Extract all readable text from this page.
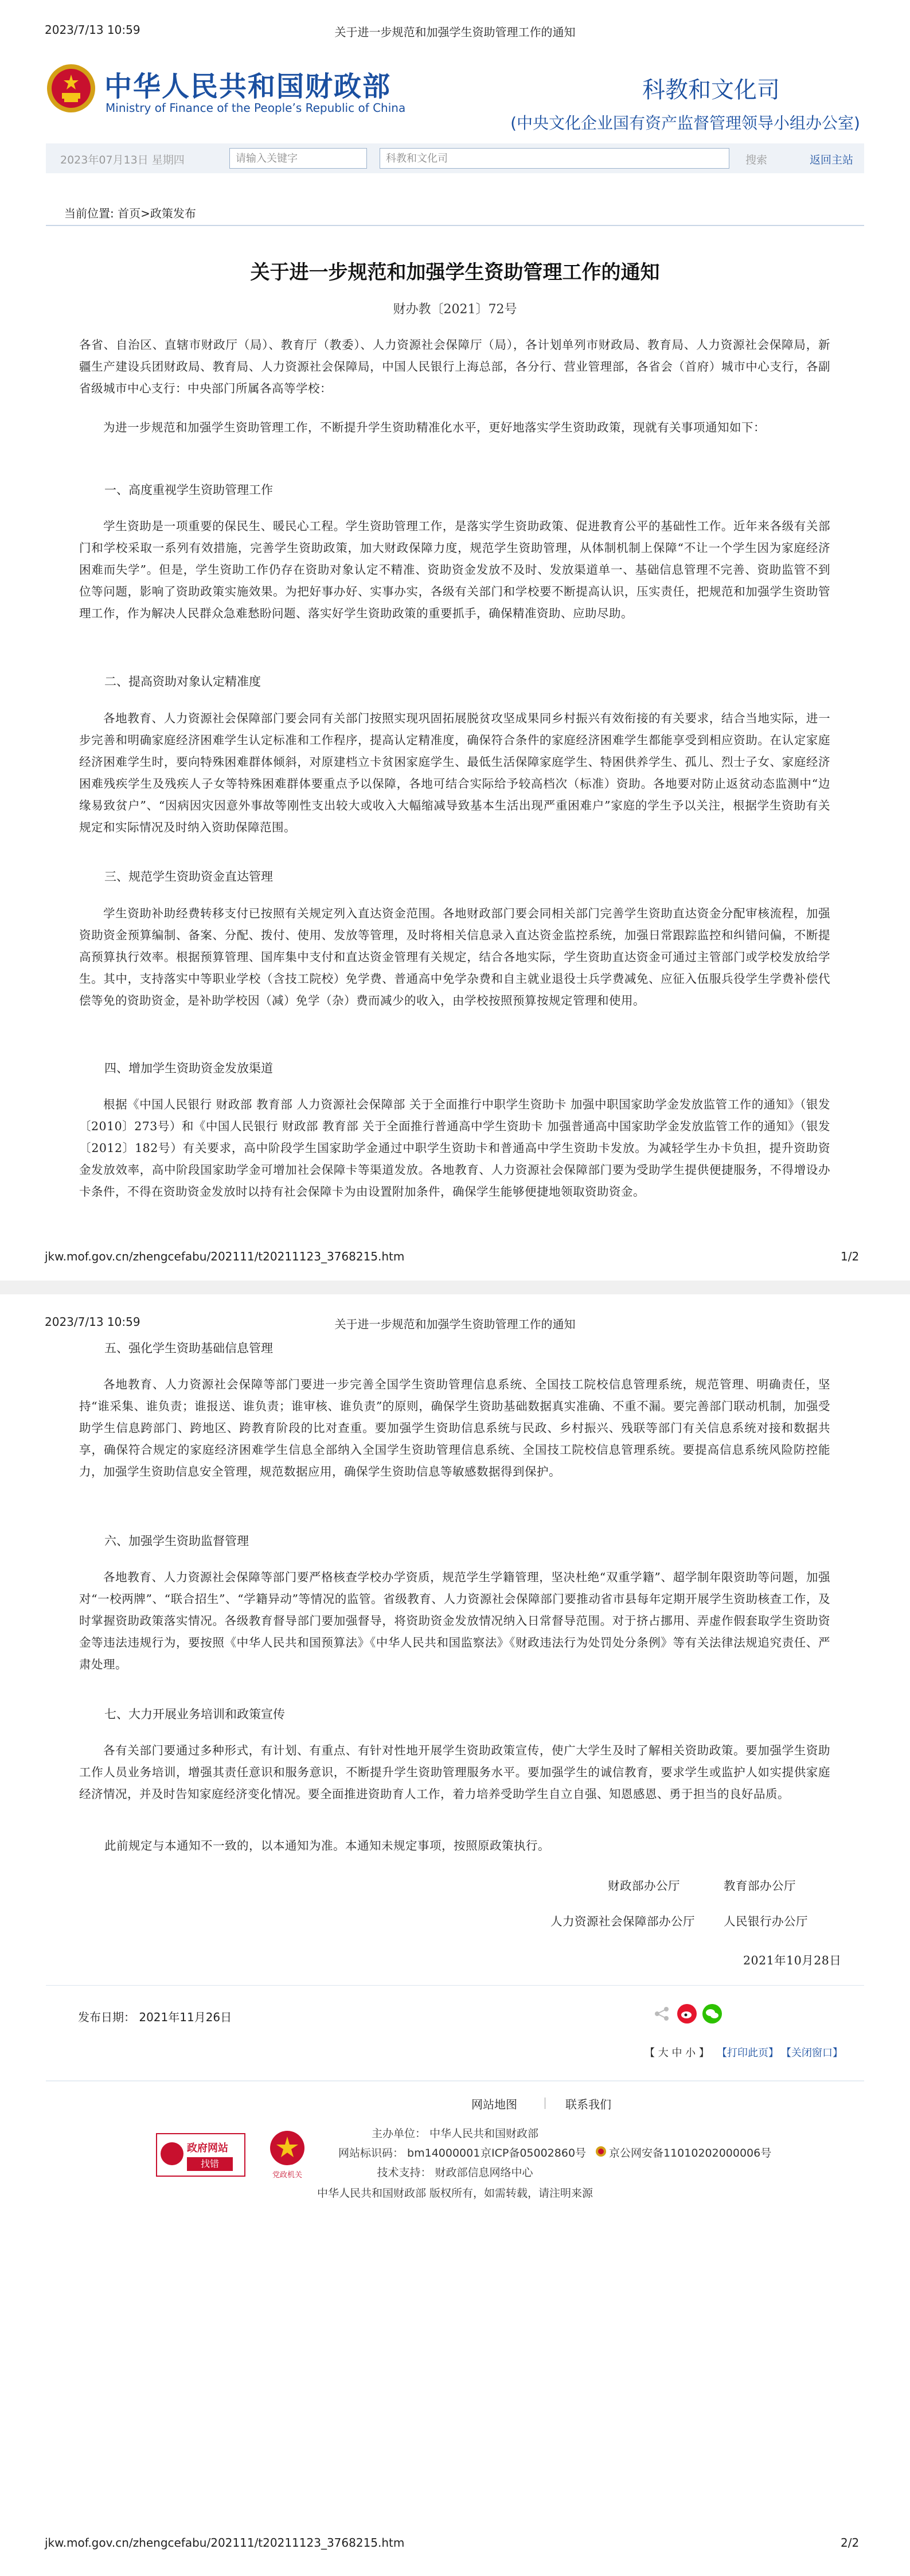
2023/7/13 10:59	关于进一步规范和加强学生资助管理工作的通知
中华人民共和国财政部
Ministry of Finance of the People’s Republic of China
科教和文化司
(中央文化企业国有资产监督管理领导小组办公室)
2023年07月13日 星期四	请输入关键字	科教和文化司	搜索	返回主站
当前位置: 首页>政策发布
关于进一步规范和加强学生资助管理工作的通知
财办教〔2021〕72号
各省、自治区、直辖市财政厅（局）、教育厅（教委）、人力资源社会保障厅（局），各计划单列市财政局、教育局、人力资源社会保障局，新疆生产建设兵团财政局、教育局、人力资源社会保障局，中国人民银行上海总部，各分行、营业管理部，各省会（首府）城市中心支行，各副省级城市中心支行：中央部门所属各高等学校：
为进一步规范和加强学生资助管理工作，不断提升学生资助精准化水平，更好地落实学生资助政策，现就有关事项通知如下：
一、高度重视学生资助管理工作
学生资助是一项重要的保民生、暖民心工程。学生资助管理工作，是落实学生资助政策、促进教育公平的基础性工作。近年来各级有关部门和学校采取一系列有效措施，完善学生资助政策，加大财政保障力度，规范学生资助管理，从体制机制上保障“不让一个学生因为家庭经济困难而失学”。但是，学生资助工作仍存在资助对象认定不精准、资助资金发放不及时、发放渠道单一、基础信息管理不完善、资助监管不到位等问题，影响了资助政策实施效果。为把好事办好、实事办实，各级有关部门和学校要不断提高认识，压实责任，把规范和加强学生资助管理工作，作为解决人民群众急难愁盼问题、落实好学生资助政策的重要抓手，确保精准资助、应助尽助。
二、提高资助对象认定精准度
各地教育、人力资源社会保障部门要会同有关部门按照实现巩固拓展脱贫攻坚成果同乡村振兴有效衔接的有关要求，结合当地实际，进一步完善和明确家庭经济困难学生认定标准和工作程序，提高认定精准度，确保符合条件的家庭经济困难学生都能享受到相应资助。在认定家庭经济困难学生时，要向特殊困难群体倾斜，对原建档立卡贫困家庭学生、最低生活保障家庭学生、特困供养学生、孤儿、烈士子女、家庭经济困难残疾学生及残疾人子女等特殊困难群体要重点予以保障，各地可结合实际给予较高档次（标准）资助。各地要对防止返贫动态监测中“边缘易致贫户”、“因病因灾因意外事故等刚性支出较大或收入大幅缩减导致基本生活出现严重困难户”家庭的学生予以关注，根据学生资助有关规定和实际情况及时纳入资助保障范围。
三、规范学生资助资金直达管理
学生资助补助经费转移支付已按照有关规定列入直达资金范围。各地财政部门要会同相关部门完善学生资助直达资金分配审核流程，加强资助资金预算编制、备案、分配、拨付、使用、发放等管理，及时将相关信息录入直达资金监控系统，加强日常跟踪监控和纠错问偏，不断提高预算执行效率。根据预算管理、国库集中支付和直达资金管理有关规定，结合各地实际，学生资助直达资金可通过主管部门或学校发放给学生。其中，支持落实中等职业学校（含技工院校）免学费、普通高中免学杂费和自主就业退役士兵学费减免、应征入伍服兵役学生学费补偿代偿等免的资助资金，是补助学校因（减）免学（杂）费而减少的收入，由学校按照预算按规定管理和使用。
四、增加学生资助资金发放渠道
根据《中国人民银行 财政部 教育部 人力资源社会保障部 关于全面推行中职学生资助卡 加强中职国家助学金发放监管工作的通知》（银发〔2010〕273号）和《中国人民银行 财政部 教育部 关于全面推行普通高中学生资助卡 加强普通高中国家助学金发放监管工作的通知》（银发〔2012〕182号）有关要求，高中阶段学生国家助学金通过中职学生资助卡和普通高中学生资助卡发放。为减轻学生办卡负担，提升资助资金发放效率，高中阶段国家助学金可增加社会保障卡等渠道发放。各地教育、人力资源社会保障部门要为受助学生提供便捷服务，不得增设办卡条件，不得在资助资金发放时以持有社会保障卡为由设置附加条件，确保学生能够便捷地领取资助资金。
jkw.mof.gov.cn/zhengcefabu/202111/t20211123_3768215.htm	1/2
2023/7/13 10:59	关于进一步规范和加强学生资助管理工作的通知
五、强化学生资助基础信息管理
各地教育、人力资源社会保障等部门要进一步完善全国学生资助管理信息系统、全国技工院校信息管理系统，规范管理、明确责任，坚持“谁采集、谁负责；谁报送、谁负责；谁审核、谁负责”的原则，确保学生资助基础数据真实准确、不重不漏。要完善部门联动机制，加强受助学生信息跨部门、跨地区、跨教育阶段的比对查重。要加强学生资助信息系统与民政、乡村振兴、残联等部门有关信息系统对接和数据共享，确保符合规定的家庭经济困难学生信息全部纳入全国学生资助管理信息系统、全国技工院校信息管理系统。要提高信息系统风险防控能力，加强学生资助信息安全管理，规范数据应用，确保学生资助信息等敏感数据得到保护。
六、加强学生资助监督管理
各地教育、人力资源社会保障等部门要严格核查学校办学资质，规范学生学籍管理，坚决杜绝“双重学籍”、超学制年限资助等问题，加强对“一校两牌”、“联合招生”、“学籍异动”等情况的监管。省级教育、人力资源社会保障部门要推动省市县每年定期开展学生资助核查工作，及时掌握资助政策落实情况。各级教育督导部门要加强督导，将资助资金发放情况纳入日常督导范围。对于挤占挪用、弄虚作假套取学生资助资金等违法违规行为，要按照《中华人民共和国预算法》《中华人民共和国监察法》《财政违法行为处罚处分条例》等有关法律法规追究责任、严肃处理。
七、大力开展业务培训和政策宣传
各有关部门要通过多种形式，有计划、有重点、有针对性地开展学生资助政策宣传，使广大学生及时了解相关资助政策。要加强学生资助工作人员业务培训，增强其责任意识和服务意识，不断提升学生资助管理服务水平。要加强学生的诚信教育，要求学生或监护人如实提供家庭经济情况，并及时告知家庭经济变化情况。要全面推进资助育人工作，着力培养受助学生自立自强、知恩感恩、勇于担当的良好品质。
此前规定与本通知不一致的，以本通知为准。本通知未规定事项，按照原政策执行。
财政部办公厅	教育部办公厅
人力资源社会保障部办公厅 人民银行办公厅
2021年10月28日
发布日期： 2021年11月26日
【 大 中 小 】 【打印此页】 【关闭窗口】
网站地图	联系我们
政府网站
找错
党政机关
主办单位： 中华人民共和国财政部
网站标识码： bm14000001 京ICP备05002860号 京公网安备11010202000006号
技术支持： 财政部信息网络中心
中华人民共和国财政部 版权所有，如需转载，请注明来源
jkw.mof.gov.cn/zhengcefabu/202111/t20211123_3768215.htm	2/2
